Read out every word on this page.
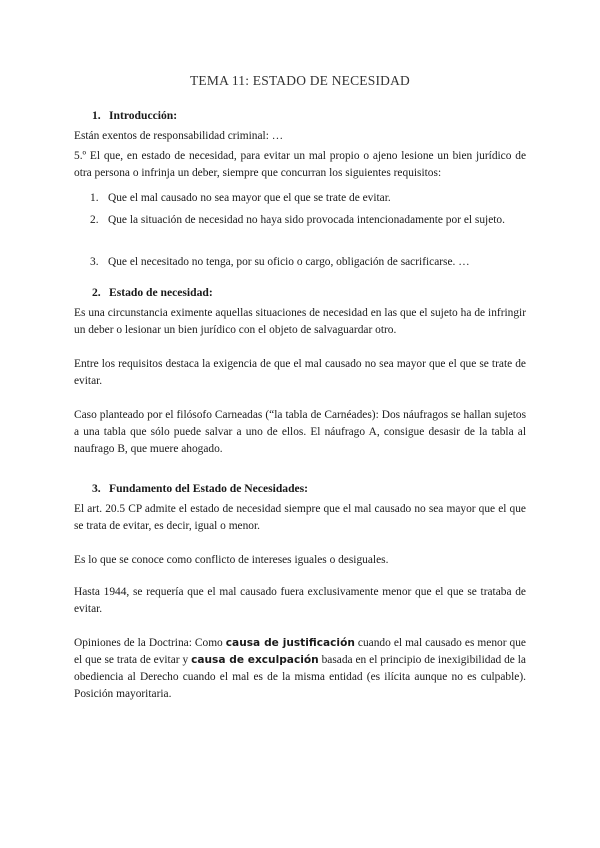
TEMA 11: ESTADO DE NECESIDAD
1. Introducción:
Están exentos de responsabilidad criminal: …
5.º El que, en estado de necesidad, para evitar un mal propio o ajeno lesione un bien jurídico de otra persona o infrinja un deber, siempre que concurran los siguientes requisitos:
1. Que el mal causado no sea mayor que el que se trate de evitar.
2. Que la situación de necesidad no haya sido provocada intencionadamente por el sujeto.
3. Que el necesitado no tenga, por su oficio o cargo, obligación de sacrificarse. …
2. Estado de necesidad:
Es una circunstancia eximente aquellas situaciones de necesidad en las que el sujeto ha de infringir un deber o lesionar un bien jurídico con el objeto de salvaguardar otro.
Entre los requisitos destaca la exigencia de que el mal causado no sea mayor que el que se trate de evitar.
Caso planteado por el filósofo Carneadas (“la tabla de Carnéades): Dos náufragos se hallan sujetos a una tabla que sólo puede salvar a uno de ellos. El náufrago A, consigue desasir de la tabla al naufrago B, que muere ahogado.
3. Fundamento del Estado de Necesidades:
El art. 20.5 CP admite el estado de necesidad siempre que el mal causado no sea mayor que el que se trata de evitar, es decir, igual o menor.
Es lo que se conoce como conflicto de intereses iguales o desiguales.
Hasta 1944, se requería que el mal causado fuera exclusivamente menor que el que se trataba de evitar.
Opiniones de la Doctrina: Como causa de justificación cuando el mal causado es menor que el que se trata de evitar y causa de exculpación basada en el principio de inexigibilidad de la obediencia al Derecho cuando el mal es de la misma entidad (es ilícita aunque no es culpable). Posición mayoritaria.
